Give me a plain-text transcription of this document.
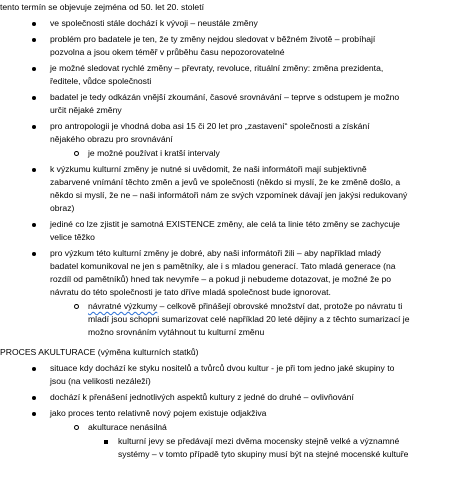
tento termín se objevuje zejména od 50. let 20. století
ve společnosti stále dochází k vývoji – neustále změny
problém pro badatele je ten, že ty změny nejdou sledovat v běžném životě – probíhají
pozvolna a jsou okem téměř v průběhu času nepozorovatelné
je možné sledovat rychlé změny – převraty, revoluce, rituální změny: změna prezidenta,
ředitele, vůdce společnosti
badatel je tedy odkázán vnější zkoumání, časové srovnávání – teprve s odstupem je možno
určit nějaké změny
pro antropologii je vhodná doba asi 15 či 20 let pro „zastavení“ společnosti a získání
nějakého obrazu pro srovnávání
je možné používat i kratší intervaly
k výzkumu kulturní změny je nutné si uvědomit, že naši informátoři mají subjektivně
zabarvené vnímání těchto změn a jevů ve společnosti (někdo si myslí, že ke změně došlo, a
někdo si myslí, že ne – naši informátoři nám ze svých vzpomínek dávají jen jakýsi redukovaný
obraz)
jediné co lze zjistit je samotná EXISTENCE změny, ale celá ta linie této změny se zachycuje
velice těžko
pro výzkum této kulturní změny je dobré, aby naši informátoři žili – aby například mladý
badatel komunikoval ne jen s pamětníky, ale i s mladou generací. Tato mladá generace (na
rozdíl od pamětníků) hned tak nevymře – a pokud ji nebudeme dotazovat, je možné že po
návratu do této společnosti je tato dříve mladá společnost bude ignorovat.
návratné výzkumy – celkově přinášejí obrovské množství dat, protože po návratu ti
mladí jsou schopni sumarizovat celé například 20 leté dějiny a z těchto sumarizací je
možno srovnáním vytáhnout tu kulturní změnu
PROCES AKULTURACE (výměna kulturních statků)
situace kdy dochází ke styku nositelů a tvůrců dvou kultur - je při tom jedno jaké skupiny to
jsou (na velikosti nezáleží)
dochází k přenášení jednotlivých aspektů kultury z jedné do druhé – ovlivňování
jako proces tento relativně nový pojem existuje odjakživa
akulturace nenásilná
kulturní jevy se předávají mezi dvěma mocensky stejně velké a významné
systémy – v tomto případě tyto skupiny musí být na stejné mocenské kultuře
